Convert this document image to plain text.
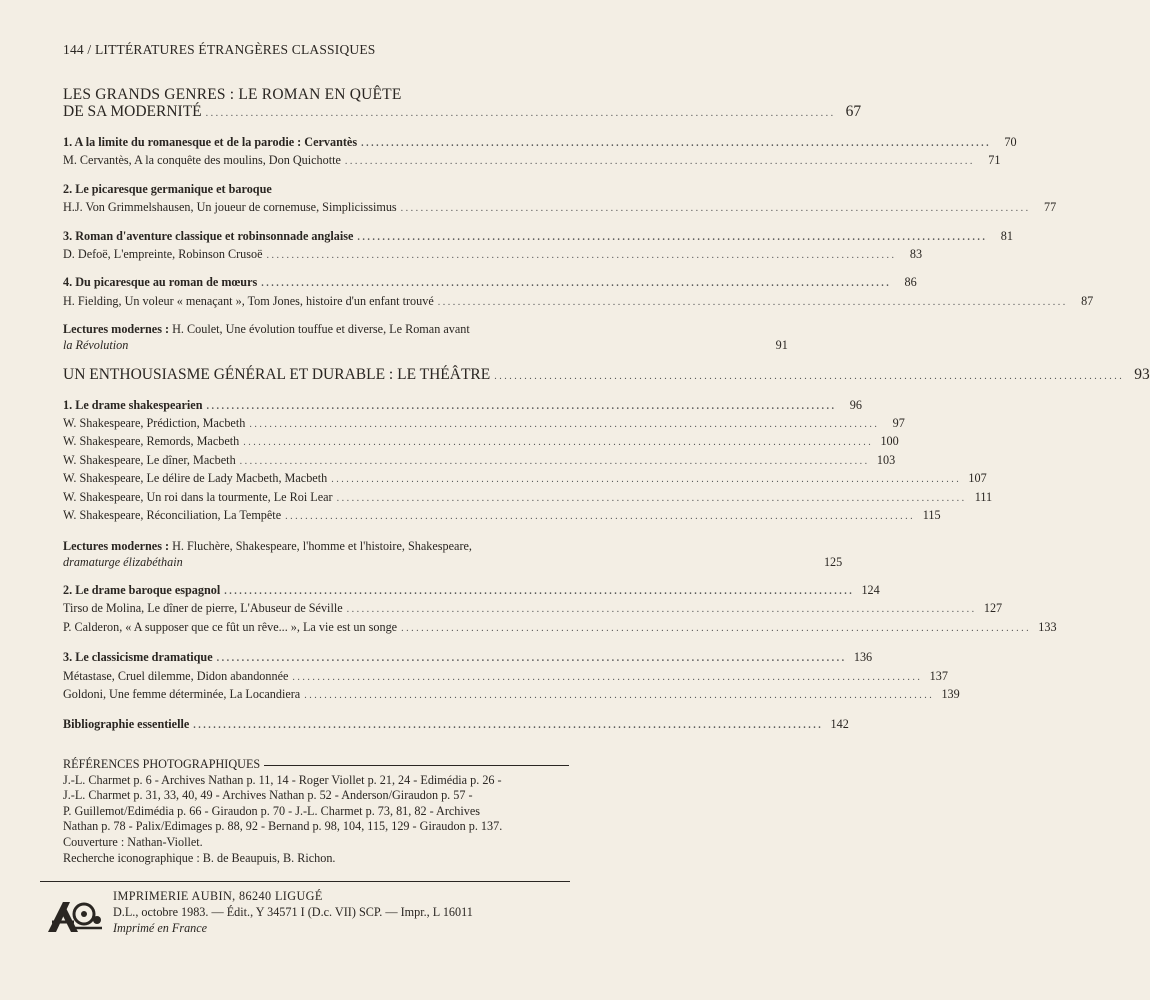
144 / LITTÉRATURES ÉTRANGÈRES CLASSIQUES
LES GRANDS GENRES : LE ROMAN EN QUÊTE
DE SA MODERNITÉ . . .	67
1. A la limite du romanesque et de la parodie : Cervantès . . .	70
M. Cervantès, A la conquête des moulins, Don Quichotte . . .	71
2. Le picaresque germanique et baroque
H.J. Von Grimmelshausen, Un joueur de cornemuse, Simplicissimus . . .	77
3. Roman d'aventure classique et robinsonnade anglaise . . .	81
D. Defoë, L'empreinte, Robinson Crusoë . . .	83
4. Du picaresque au roman de mœurs . . .	86
H. Fielding, Un voleur « menaçant », Tom Jones, histoire d'un enfant trouvé . . .	87
Lectures modernes : H. Coulet, Une évolution touffue et diverse, Le Roman avant
la Révolution	91
UN ENTHOUSIASME GÉNÉRAL ET DURABLE : LE THÉÂTRE . . .	93
1. Le drame shakespearien . . .	96
W. Shakespeare, Prédiction, Macbeth . . .	97
W. Shakespeare, Remords, Macbeth . . .	100
W. Shakespeare, Le dîner, Macbeth . . .	103
W. Shakespeare, Le délire de Lady Macbeth, Macbeth . . .	107
W. Shakespeare, Un roi dans la tourmente, Le Roi Lear . . .	111
W. Shakespeare, Réconciliation, La Tempête . . .	115
Lectures modernes : H. Fluchère, Shakespeare, l'homme et l'histoire, Shakespeare,
dramaturge élizabéthain	125
2. Le drame baroque espagnol . . .	124
Tirso de Molina, Le dîner de pierre, L'Abuseur de Séville . . .	127
P. Calderon, « A supposer que ce fût un rêve... », La vie est un songe . . .	133
3. Le classicisme dramatique . . .	136
Métastase, Cruel dilemme, Didon abandonnée . . .	137
Goldoni, Une femme déterminée, La Locandiera . . .	139
Bibliographie essentielle . . .	142
RÉFÉRENCES PHOTOGRAPHIQUES
J.-L. Charmet p. 6 - Archives Nathan p. 11, 14 - Roger Viollet p. 21, 24 - Edimédia p. 26 -
J.-L. Charmet p. 31, 33, 40, 49 - Archives Nathan p. 52 - Anderson/Giraudon p. 57 -
P. Guillemot/Edimédia p. 66 - Giraudon p. 70 - J.-L. Charmet p. 73, 81, 82 - Archives
Nathan p. 78 - Palix/Edimages p. 88, 92 - Bernand p. 98, 104, 115, 129 - Giraudon p. 137.
Couverture : Nathan-Viollet.
Recherche iconographique : B. de Beaupuis, B. Richon.
IMPRIMERIE AUBIN, 86240 LIGUGÉ
D.L., octobre 1983. — Édit., Y 34571 I (D.c. VII) SCP. — Impr., L 16011
Imprimé en France
